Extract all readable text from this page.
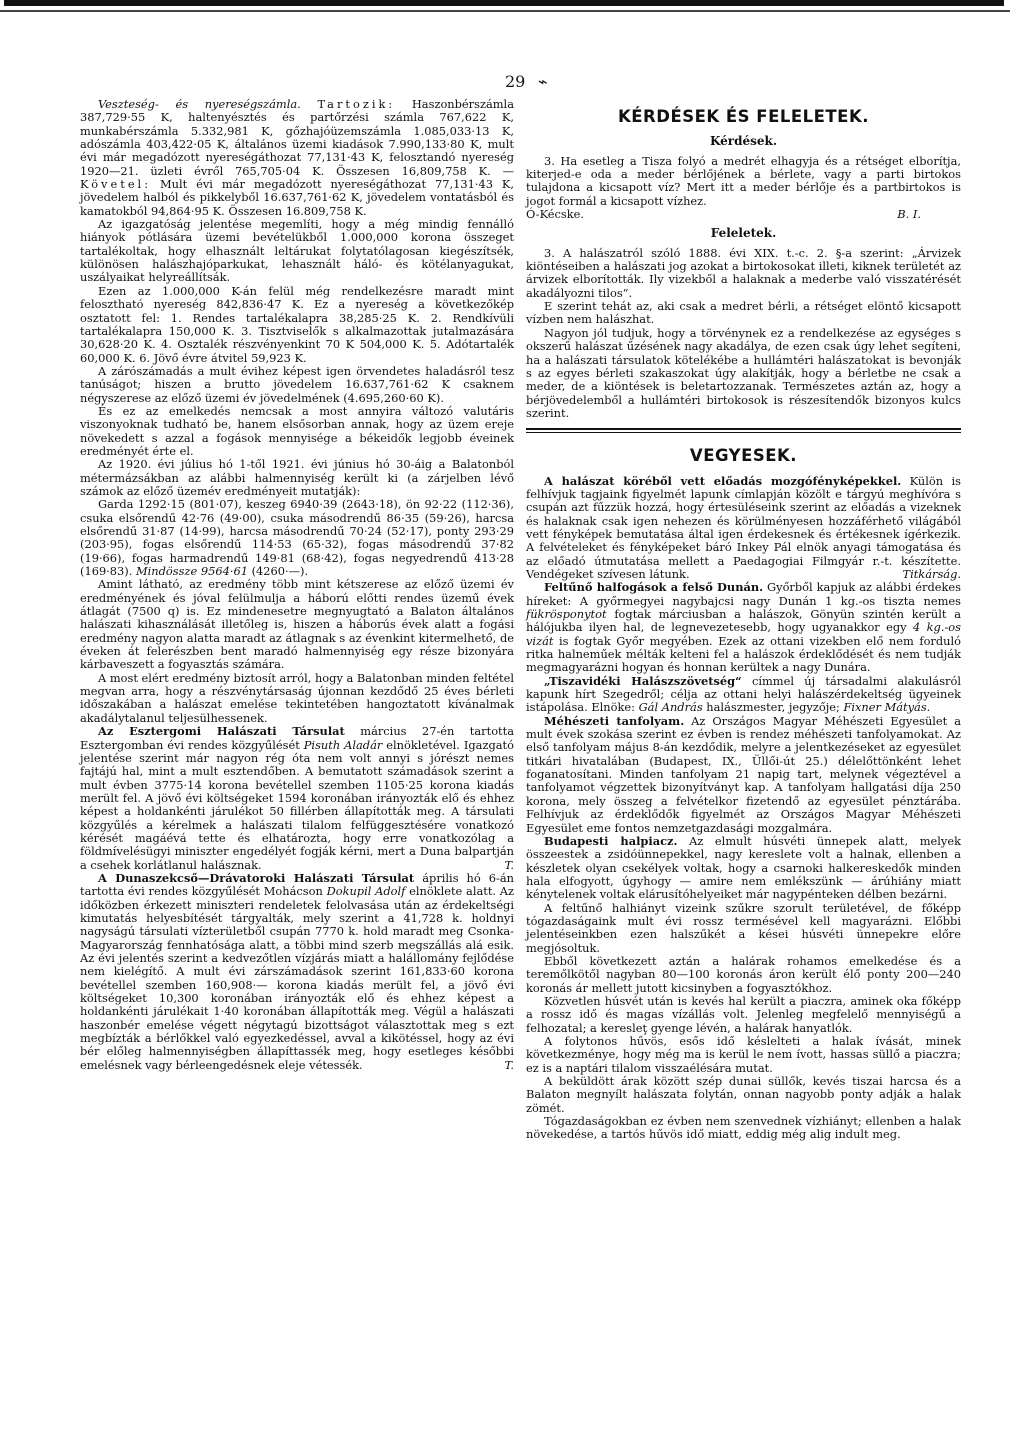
29 ⌁

Veszteség- és nyereségszámla. Tartozik: Haszonbérszámla 387,729·55 K, haltenyésztés és partőrzési számla 767,622 K, munkabérszámla 5.332,981 K, gőzhajóüzemszámla 1.085,033·13 K, adószámla 403,422·05 K, általános üzemi kiadások 7.990,133·80 K, mult évi már megadózott nyereségáthozat 77,131·43 K, felosztandó nyereség 1920—21. üzleti évről 765,705·04 K. Összesen 16,809,758 K. — Követel: Mult évi már megadózott nyereségáthozat 77,131·43 K, jövedelem halból és pikkelyből 16.637,761·62 K, jövedelem vontatásból és kamatokból 94,864·95 K. Összesen 16.809,758 K.

Az igazgatóság jelentése megemlíti, hogy a még mindig fennálló hiányok pótlására üzemi bevételükből 1.000,000 korona összeget tartalékoltak, hogy elhasznált leltárukat folytatólagosan kiegészítsék, különösen halászhajóparkukat, lehasznált háló- és kötélanyagukat, uszályaikat helyreállítsák.

Ezen az 1.000,000 K-án felül még rendelkezésre maradt mint felosztható nyereség 842,836·47 K. Ez a nyereség a következőkép osztatott fel: 1. Rendes tartalékalapra 38,285·25 K. 2. Rendkívüli tartalékalapra 150,000 K. 3. Tisztviselők s alkalmazottak jutalmazására 30,628·20 K. 4. Osztalék részvényenkint 70 K 504,000 K. 5. Adótartalék 60,000 K. 6. Jövő évre átvitel 59,923 K.

A zárószámadás a mult évihez képest igen örvendetes haladásról tesz tanúságot; hiszen a brutto jövedelem 16.637,761·62 K csaknem négyszerese az előző üzemi év jövedelmének (4.695,260·60 K).

És ez az emelkedés nemcsak a most annyira változó valutáris viszonyoknak tudható be, hanem elsősorban annak, hogy az üzem ereje növekedett s azzal a fogások mennyisége a békeidők legjobb éveinek eredményét érte el.

Az 1920. évi július hó 1-től 1921. évi június hó 30-áig a Balatonból métermázsákban az alábbi halmennyiség került ki (a zárjelben lévő számok az előző üzemév eredményeit mutatják):

Garda 1292·15 (801·07), keszeg 6940·39 (2643·18), ön 92·22 (112·36), csuka elsőrendű 42·76 (49·00), csuka másodrendű 86·35 (59·26), harcsa elsőrendű 31·87 (14·99), harcsa másodrendű 70·24 (52·17), ponty 293·29 (203·95), fogas elsőrendű 114·53 (65·32), fogas másodrendű 37·82 (19·66), fogas harmadrendű 149·81 (68·42), fogas negyedrendű 413·28 (169·83). Mindössze 9564·61 (4260·—).

Amint látható, az eredmény több mint kétszerese az előző üzemi év eredményének és jóval felülmulja a háború előtti rendes üzemű évek átlagát (7500 q) is. Ez mindenesetre megnyugtató a Balaton általános halászati kihasználását illetőleg is, hiszen a háborús évek alatt a fogási eredmény nagyon alatta maradt az átlagnak s az évenkint kitermelhető, de éveken át felerészben bent maradó halmennyiség egy része bizonyára kárbaveszett a fogyasztás számára.

A most elért eredmény biztosít arról, hogy a Balatonban minden feltétel megvan arra, hogy a részvénytársaság újonnan kezdődő 25 éves bérleti időszakában a halászat emelése tekintetében hangoztatott kívánalmak akadálytalanul teljesülhessenek.

Az Esztergomi Halászati Társulat március 27-én tartotta Esztergomban évi rendes közgyűlését Pisuth Aladár elnökletével. Igazgató jelentése szerint már nagyon rég óta nem volt annyi s jórészt nemes fajtájú hal, mint a mult esztendőben. A bemutatott számadások szerint a mult évben 3775·14 korona bevétellel szemben 1105·25 korona kiadás merült fel. A jövő évi költségeket 1594 koronában irányozták elő és ehhez képest a holdankénti járulékot 50 fillérben állapították meg. A társulati közgyűlés a kérelmek a halászati tilalom felfüggesztésére vonatkozó kérését magáévá tette és elhatározta, hogy erre vonatkozólag a földmívelésügyi miniszter engedélyét fogják kérni, mert a Duna balpartján a csehek korlátlanul halásznak.	T.

A Dunaszekcső—Drávatoroki Halászati Társulat április hó 6-án tartotta évi rendes közgyűlését Mohácson Dokupil Adolf elnöklete alatt. Az időközben érkezett miniszteri rendeletek felolvasása után az érdekeltségi kimutatás helyesbítését tárgyalták, mely szerint a 41,728 k. holdnyi nagyságú társulati vízterületből csupán 7770 k. hold maradt meg Csonka-Magyarország fennhatósága alatt, a többi mind szerb megszállás alá esik. Az évi jelentés szerint a kedvezőtlen vízjárás miatt a halállomány fejlődése nem kielégítő. A mult évi zárszámadások szerint 161,833·60 korona bevétellel szemben 160,908·— korona kiadás merült fel, a jövő évi költségeket 10,300 koronában irányozták elő és ehhez képest a holdankénti járulékait 1·40 koronában állapították meg. Végül a halászati haszonbér emelése végett négytagú bizottságot választottak meg s ezt megbízták a bérlőkkel való egyezkedéssel, avval a kikötéssel, hogy az évi bér előleg halmennyiségben állapíttassék meg, hogy esetleges későbbi emelésnek vagy bérleengedésnek eleje vétessék.	T.

KÉRDÉSEK ÉS FELELETEK.
Kérdések.

3. Ha esetleg a Tisza folyó a medrét elhagyja és a rétséget elborítja, kiterjed-e oda a meder bérlőjének a bérlete, vagy a parti birtokos tulajdona a kicsapott víz? Mert itt a meder bérlője és a partbirtokos is jogot formál a kicsapott vízhez.

Ó-Kécske.	B. I.
Feleletek.

3. A halászatról szóló 1888. évi XIX. t.-c. 2. §-a szerint: „Árvizek kiöntéseiben a halászati jog azokat a birtokosokat illeti, kiknek területét az árvizek elborították. Ily vizekből a halaknak a mederbe való visszatérését akadályozni tilos“.

E szerint tehát az, aki csak a medret bérli, a rétséget elöntő kicsapott vízben nem halászhat.

Nagyon jól tudjuk, hogy a törvénynek ez a rendelkezése az egységes s okszerű halászat űzésének nagy akadálya, de ezen csak úgy lehet segíteni, ha a halászati társulatok kötelékébe a hullámtéri halászatokat is bevonják s az egyes bérleti szakaszokat úgy alakítják, hogy a bérletbe ne csak a meder, de a kiöntések is beletartozzanak. Természetes aztán az, hogy a bérjövedelemből a hullámtéri birtokosok is részesítendők bizonyos kulcs szerint.

VEGYESEK.

A halászat köréből vett előadás mozgófényképekkel. Külön is felhívjuk tagjaink figyelmét lapunk címlapján közölt e tárgyú meghívóra s csupán azt fűzzük hozzá, hogy értesüléseink szerint az előadás a vizeknek és halaknak csak igen nehezen és körülményesen hozzáférhető világából vett fényképek bemutatása által igen érdekesnek és értékesnek ígérkezik. A felvételeket és fényképeket báró Inkey Pál elnök anyagi támogatása és az előadó útmutatása mellett a Paedagogiai Filmgyár r.-t. készítette. Vendégeket szívesen látunk.	Titkárság.

Feltűnő halfogások a felső Dunán. Győrből kapjuk az alábbi érdekes híreket: A győrmegyei nagybajcsi nagy Dunán 1 kg.-os tiszta nemes fükrösponytot fogtak márciusban a halászok, Gönyün szintén került a hálójukba ilyen hal, de legnevezetesebb, hogy ugyanakkor egy 4 kg.-os vizát is fogtak Győr megyében. Ezek az ottani vizekben elő nem forduló ritka halneműek mélták kelteni fel a halászok érdeklődését és nem tudják megmagyarázni hogyan és honnan kerültek a nagy Dunára.

„Tiszavidéki Halászszövetség“ címmel új társadalmi alakulásról kapunk hírt Szegedről; célja az ottani helyi halászérdekeltség ügyeinek istápolása. Elnöke: Gál András halászmester, jegyzője; Fixner Mátyás.

Méhészeti tanfolyam. Az Országos Magyar Méhészeti Egyesület a mult évek szokása szerint ez évben is rendez méhészeti tanfolyamokat. Az első tanfolyam május 8-án kezdődik, melyre a jelentkezéseket az egyesület titkári hivatalában (Budapest, IX., Üllői-út 25.) délelőttönként lehet foganatosítani. Minden tanfolyam 21 napig tart, melynek végeztével a tanfolyamot végzettek bizonyítványt kap. A tanfolyam hallgatási díja 250 korona, mely összeg a felvételkor fizetendő az egyesület pénztárába. Felhívjuk az érdeklődők figyelmét az Országos Magyar Méhészeti Egyesület eme fontos nemzetgazdasági mozgalmára.

Budapesti halpiacz. Az elmult húsvéti ünnepek alatt, melyek összeestek a zsidóünnepekkel, nagy kereslete volt a halnak, ellenben a készletek olyan csekélyek voltak, hogy a csarnoki halkereskedők minden hala elfogyott, úgyhogy — amire nem emlékszünk — árúhiány miatt kénytelenek voltak elárusítóhelyeiket már nagypénteken délben bezárni.

A feltűnő halhiányt vizeink szűkre szorult területével, de főképp tógazdaságaink mult évi rossz termésével kell magyarázni. Előbbi jelentéseinkben ezen halszűkét a kései húsvéti ünnepekre előre megjósoltuk.

Ebből következett aztán a halárak rohamos emelkedése és a teremőlkötől nagyban 80—100 koronás áron került élő ponty 200—240 koronás ár mellett jutott kicsinyben a fogyasztókhoz.

Közvetlen húsvét után is kevés hal került a piaczra, aminek oka főképp a rossz idő és magas vízállás volt. Jelenleg megfelelő mennyiségű a felhozatal; a keresleţ gyenge lévén, a halárak hanyatlók.

A folytonos hűvös, esős idő késlelteti a halak ívását, minek következménye, hogy még ma is kerül le nem ívott, hassas süllő a piaczra; ez is a naptári tilalom visszaélésára mutat.

A beküldött árak között szép dunai süllők, kevés tiszai harcsa és a Balaton megnyílt halászata folytán, onnan nagyobb ponty adják a halak zömét.

Tógazdaságokban ez évben nem szenvednek vízhiányt; ellenben a halak növekedése, a tartós hűvös idő miatt, eddig még alig indult meg.
